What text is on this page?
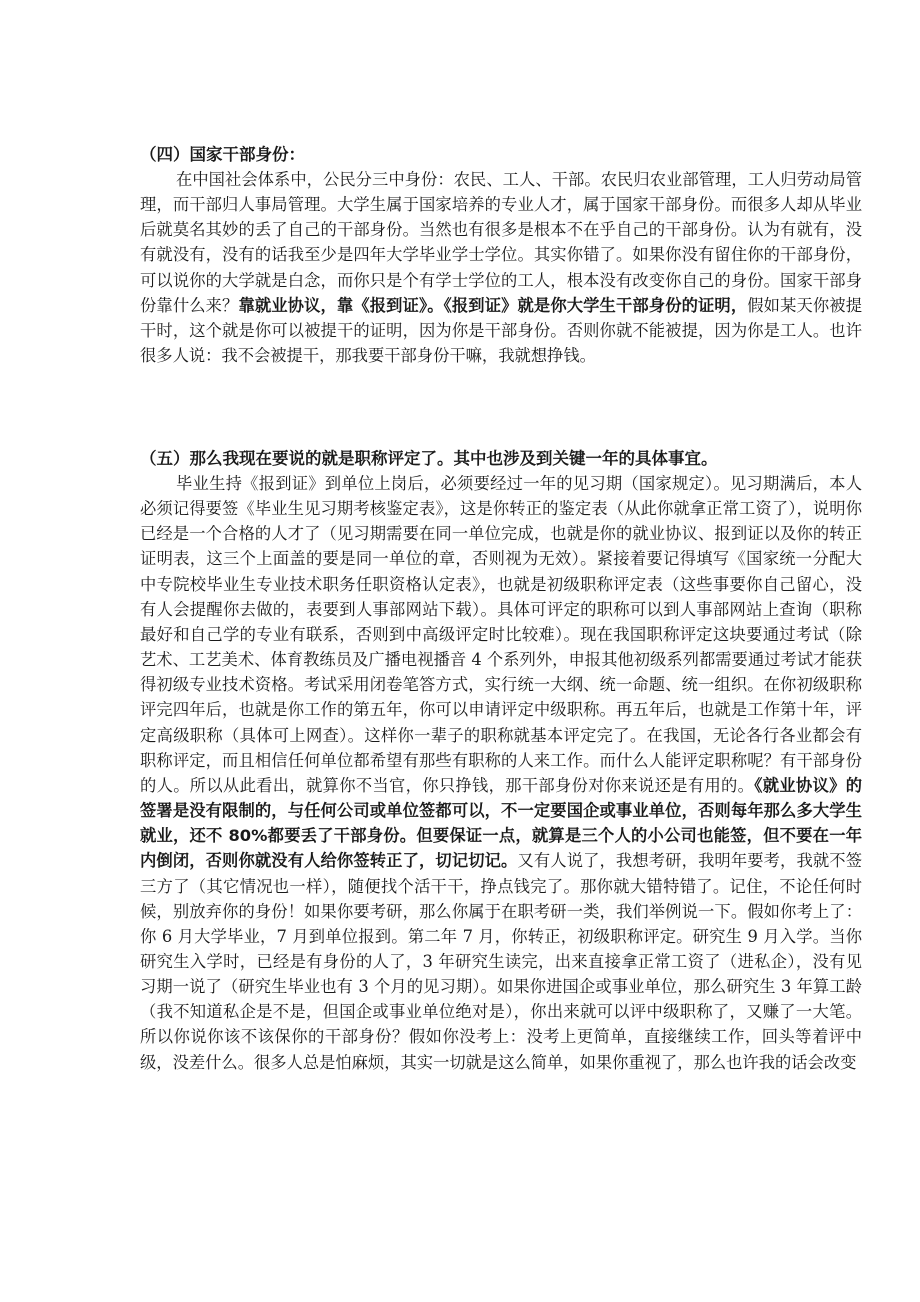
（四）国家干部身份：

在中国社会体系中，公民分三中身份：农民、工人、干部。农民归农业部管理，工人归劳动局管理，而干部归人事局管理。大学生属于国家培养的专业人才，属于国家干部身份。而很多人却从毕业后就莫名其妙的丢了自己的干部身份。当然也有很多是根本不在乎自己的干部身份。认为有就有，没有就没有，没有的话我至少是四年大学毕业学士学位。其实你错了。如果你没有留住你的干部身份，可以说你的大学就是白念，而你只是个有学士学位的工人，根本没有改变你自己的身份。国家干部身份靠什么来？靠就业协议，靠《报到证》。《报到证》就是你大学生干部身份的证明，假如某天你被提干时，这个就是你可以被提干的证明，因为你是干部身份。否则你就不能被提，因为你是工人。也许很多人说：我不会被提干，那我要干部身份干嘛，我就想挣钱。

（五）那么我现在要说的就是职称评定了。其中也涉及到关键一年的具体事宜。

毕业生持《报到证》到单位上岗后，必须要经过一年的见习期（国家规定）。见习期满后，本人必须记得要签《毕业生见习期考核鉴定表》，这是你转正的鉴定表（从此你就拿正常工资了），说明你已经是一个合格的人才了（见习期需要在同一单位完成，也就是你的就业协议、报到证以及你的转正证明表，这三个上面盖的要是同一单位的章，否则视为无效）。紧接着要记得填写《国家统一分配大中专院校毕业生专业技术职务任职资格认定表》，也就是初级职称评定表（这些事要你自己留心，没有人会提醒你去做的，表要到人事部网站下载）。具体可评定的职称可以到人事部网站上查询（职称最好和自己学的专业有联系，否则到中高级评定时比较难）。现在我国职称评定这块要通过考试（除艺术、工艺美术、体育教练员及广播电视播音 4 个系列外，申报其他初级系列都需要通过考试才能获得初级专业技术资格。考试采用闭卷笔答方式，实行统一大纲、统一命题、统一组织。在你初级职称评完四年后，也就是你工作的第五年，你可以申请评定中级职称。再五年后，也就是工作第十年，评定高级职称（具体可上网查）。这样你一辈子的职称就基本评定完了。在我国，无论各行各业都会有职称评定，而且相信任何单位都希望有那些有职称的人来工作。而什么人能评定职称呢？有干部身份的人。所以从此看出，就算你不当官，你只挣钱，那干部身份对你来说还是有用的。《就业协议》的签署是没有限制的，与任何公司或单位签都可以，不一定要国企或事业单位，否则每年那么多大学生就业，还不 80%都要丢了干部身份。但要保证一点，就算是三个人的小公司也能签，但不要在一年内倒闭，否则你就没有人给你签转正了，切记切记。又有人说了，我想考研，我明年要考，我就不签三方了（其它情况也一样），随便找个活干干，挣点钱完了。那你就大错特错了。记住，不论任何时候，别放弃你的身份！如果你要考研，那么你属于在职考研一类，我们举例说一下。假如你考上了：你 6 月大学毕业，7 月到单位报到。第二年 7 月，你转正，初级职称评定。研究生 9 月入学。当你研究生入学时，已经是有身份的人了，3 年研究生读完，出来直接拿正常工资了（进私企），没有见习期一说了（研究生毕业也有 3 个月的见习期）。如果你进国企或事业单位，那么研究生 3 年算工龄（我不知道私企是不是，但国企或事业单位绝对是），你出来就可以评中级职称了，又赚了一大笔。所以你说你该不该保你的干部身份？假如你没考上：没考上更简单，直接继续工作，回头等着评中级，没差什么。很多人总是怕麻烦，其实一切就是这么简单，如果你重视了，那么也许我的话会改变
